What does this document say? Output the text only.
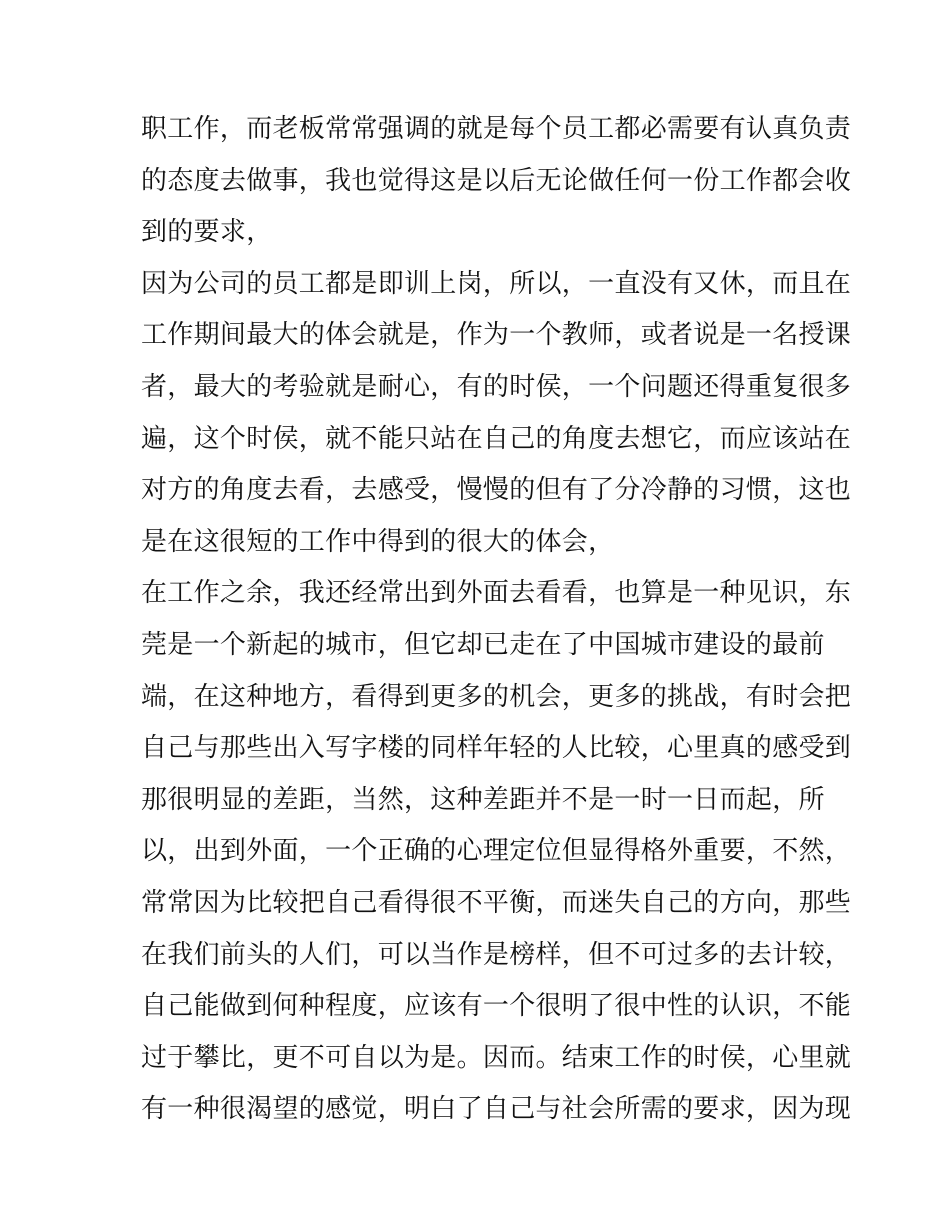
职工作，而老板常常强调的就是每个员工都必需要有认真负责
的态度去做事，我也觉得这是以后无论做任何一份工作都会收
到的要求，
因为公司的员工都是即训上岗，所以，一直没有又休，而且在
工作期间最大的体会就是，作为一个教师，或者说是一名授课
者，最大的考验就是耐心，有的时侯，一个问题还得重复很多
遍，这个时侯，就不能只站在自己的角度去想它，而应该站在
对方的角度去看，去感受，慢慢的但有了分冷静的习惯，这也
是在这很短的工作中得到的很大的体会，
在工作之余，我还经常出到外面去看看，也算是一种见识，东
莞是一个新起的城市，但它却已走在了中国城市建设的最前
端，在这种地方，看得到更多的机会，更多的挑战，有时会把
自己与那些出入写字楼的同样年轻的人比较，心里真的感受到
那很明显的差距，当然，这种差距并不是一时一日而起，所
以，出到外面，一个正确的心理定位但显得格外重要，不然，
常常因为比较把自己看得很不平衡，而迷失自己的方向，那些
在我们前头的人们，可以当作是榜样，但不可过多的去计较，
自己能做到何种程度，应该有一个很明了很中性的认识，不能
过于攀比，更不可自以为是。因而。结束工作的时侯，心里就
有一种很渴望的感觉，明白了自己与社会所需的要求，因为现
